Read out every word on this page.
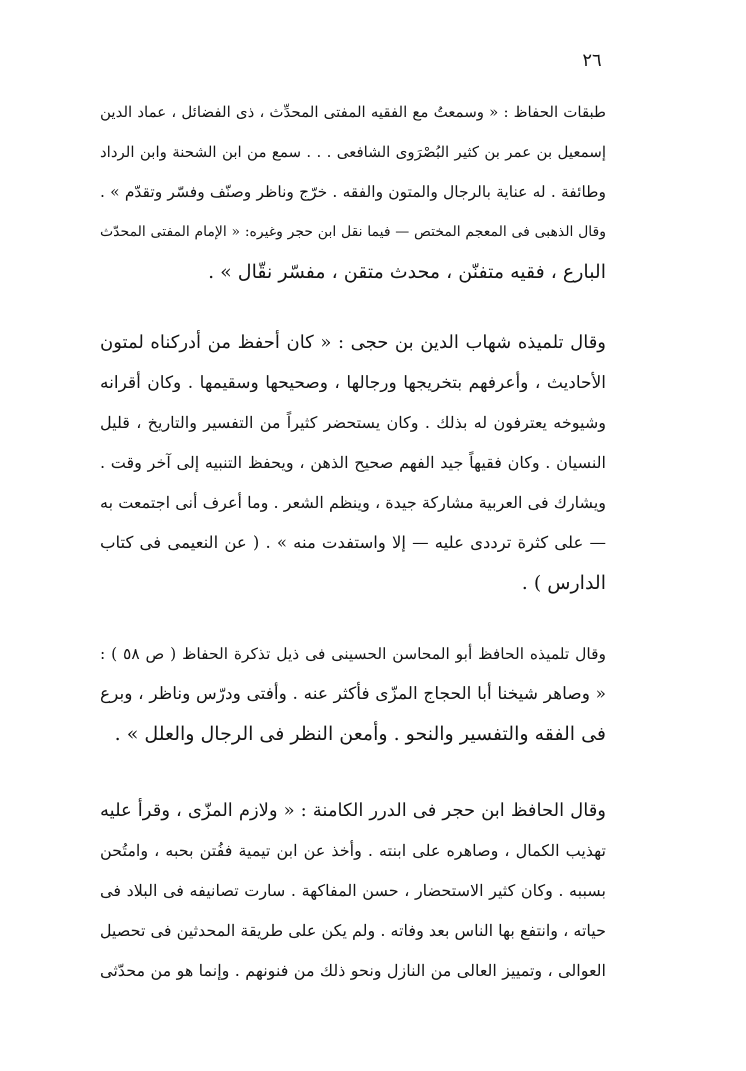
٢٦
طبقات الحفاظ : « وسمعتُ مع الفقيه المفتى المحدِّث ، ذى الفضائل ، عماد الدين
إسمعيل بن عمر بن كثير البُصْرَوى الشافعى . . . سمع من ابن الشحنة وابن الرداد
وطائفة . له عناية بالرجال والمتون والفقه . خرّج وناظر وصنّف وفسّر وتقدّم » .
وقال الذهبى فى المعجم المختص — فيما نقل ابن حجر وغيره: « الإمام المفتى المحدّث
البارع ، فقيه متفنّن ، محدث متقن ، مفسّر نقّال » .
وقال تلميذه شهاب الدين بن حجى : « كان أحفظ من أدركناه لمتون
الأحاديث ، وأعرفهم بتخريجها ورجالها ، وصحيحها وسقيمها . وكان أقرانه
وشيوخه يعترفون له بذلك . وكان يستحضر كثيراً من التفسير والتاريخ ، قليل
النسيان . وكان فقيهاً جيد الفهم صحيح الذهن ، ويحفظ التنبيه إلى آخر وقت .
ويشارك فى العربية مشاركة جيدة ، وينظم الشعر . وما أعرف أنى اجتمعت به
— على كثرة ترددى عليه — إلا واستفدت منه » . ( عن النعيمى فى كتاب
الدارس ) .
وقال تلميذه الحافظ أبو المحاسن الحسينى فى ذيل تذكرة الحفاظ ( ص ٥٨ ) :
« وصاهر شيخنا أبا الحجاج المزّى فأكثر عنه . وأفتى ودرّس وناظر ، وبرع
فى الفقه والتفسير والنحو . وأمعن النظر فى الرجال والعلل » .
وقال الحافظ ابن حجر فى الدرر الكامنة : « ولازم المزّى ، وقرأ عليه
تهذيب الكمال ، وصاهره على ابنته . وأخذ عن ابن تيمية ففُتن بحبه ، وامتُحن
بسببه . وكان كثير الاستحضار ، حسن المفاكهة . سارت تصانيفه فى البلاد فى
حياته ، وانتفع بها الناس بعد وفاته . ولم يكن على طريقة المحدثين فى تحصيل
العوالى ، وتمييز العالى من النازل ونحو ذلك من فنونهم . وإنما هو من محدّثى
